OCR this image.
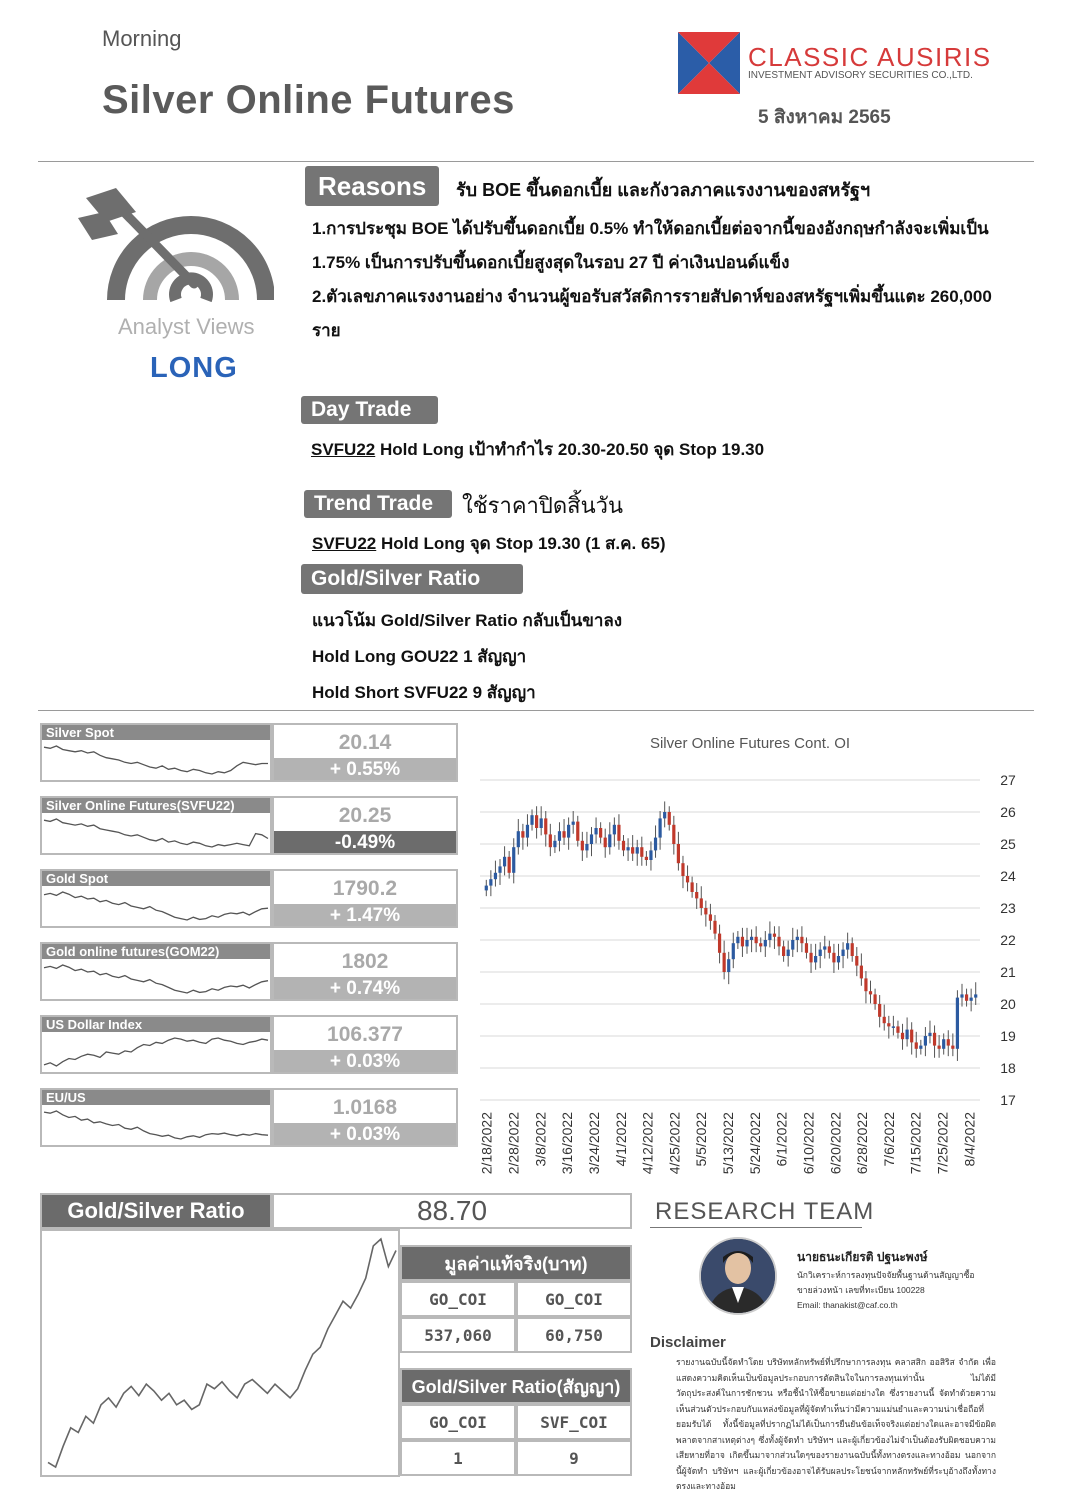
Morning
Silver Online Futures
CLASSIC AUSIRIS
INVESTMENT ADVISORY SECURITIES CO.,LTD.
5 สิงหาคม 2565
Analyst Views
LONG
Reasons	รับ BOE ขึ้นดอกเบี้ย และกังวลภาคแรงงานของสหรัฐฯ
1.การประชุม BOE ได้ปรับขึ้นดอกเบี้ย 0.5% ทำให้ดอกเบี้ยต่อจากนี้ของอังกฤษกำลังจะเพิ่มเป็น
1.75% เป็นการปรับขึ้นดอกเบี้ยสูงสุดในรอบ 27 ปี ค่าเงินปอนด์แข็ง
2.ตัวเลขภาคแรงงานอย่าง จำนวนผู้ขอรับสวัสดิการรายสัปดาห์ของสหรัฐฯเพิ่มขึ้นแตะ 260,000
ราย
Day Trade
SVFU22 Hold Long เป้าทำกำไร 20.30-20.50 จุด Stop 19.30
Trend Trade	ใช้ราคาปิดสิ้นวัน
SVFU22 Hold Long จุด Stop 19.30 (1 ส.ค. 65)
Gold/Silver Ratio
แนวโน้ม Gold/Silver Ratio กลับเป็นขาลง
Hold Long GOU22 1 สัญญา
Hold Short SVFU22 9 สัญญา
Silver Spot	20.14
+ 0.55%
Silver Online Futures(SVFU22)	20.25
-0.49%
Gold Spot	1790.2
+ 1.47%
Gold online futures(GOM22)	1802
+ 0.74%
US Dollar Index	106.377
+ 0.03%
EU/US	1.0168
+ 0.03%
Silver Online Futures Cont. OI
17
18
19
20
21
22
23
24
25
26
27
2/18/2022 2/28/2022 3/8/2022 3/16/2022 3/24/2022 4/1/2022 4/12/2022 4/25/2022 5/5/2022 5/13/2022 5/24/2022 6/1/2022 6/10/2022 6/20/2022 6/28/2022 7/6/2022 7/15/2022 7/25/2022 8/4/2022
Gold/Silver Ratio	88.70
มูลค่าแท้จริง(บาท)
GO_COI	GO_COI
537,060	60,750
Gold/Silver Ratio(สัญญา)
GO_COI	SVF_COI
1	9
RESEARCH TEAM
นายธนะเกียรติ ปฐนะพงษ์
นักวิเคราะห์การลงทุนปัจจัยพื้นฐานด้านสัญญาซื้อ
ขายล่วงหน้า เลขที่ทะเบียน 100228
Email: thanakist@caf.co.th
Disclaimer
รายงานฉบับนี้จัดทำโดย บริษัทหลักทรัพย์ที่ปรึกษาการลงทุน คลาสสิก ออสิริส จำกัด เพื่อแสดงความคิดเห็นเป็นข้อมูลประกอบการตัดสินใจในการลงทุนเท่านั้น ไม่ได้มีวัตถุประสงค์ในการชักชวน หรือชี้นำให้ซื้อขายแต่อย่างใด ซึ่งรายงานนี้ จัดทำด้วยความเห็นส่วนตัวประกอบกับแหล่งข้อมูลที่ผู้จัดทำเห็นว่ามีความแม่นยำและความน่าเชื่อถือที่ยอมรับได้ ทั้งนี้ข้อมูลที่ปรากฏไม่ได้เป็นการยืนยันข้อเท็จจริงแต่อย่างใดและอาจมีข้อผิดพลาดจากสาเหตุต่างๆ ซึ่งทั้งผู้จัดทำ บริษัทฯ และผู้เกี่ยวข้องไม่จำเป็นต้องรับผิดชอบความเสียหายที่อาจ เกิดขึ้นมาจากส่วนใดๆของรายงานฉบับนี้ทั้งทางตรงและทางอ้อม นอกจากนี้ผู้จัดทำ บริษัทฯ และผู้เกี่ยวข้องอาจได้รับผลประโยชน์จากหลักทรัพย์ที่ระบุอ้างถึงทั้งทางตรงและทางอ้อม
